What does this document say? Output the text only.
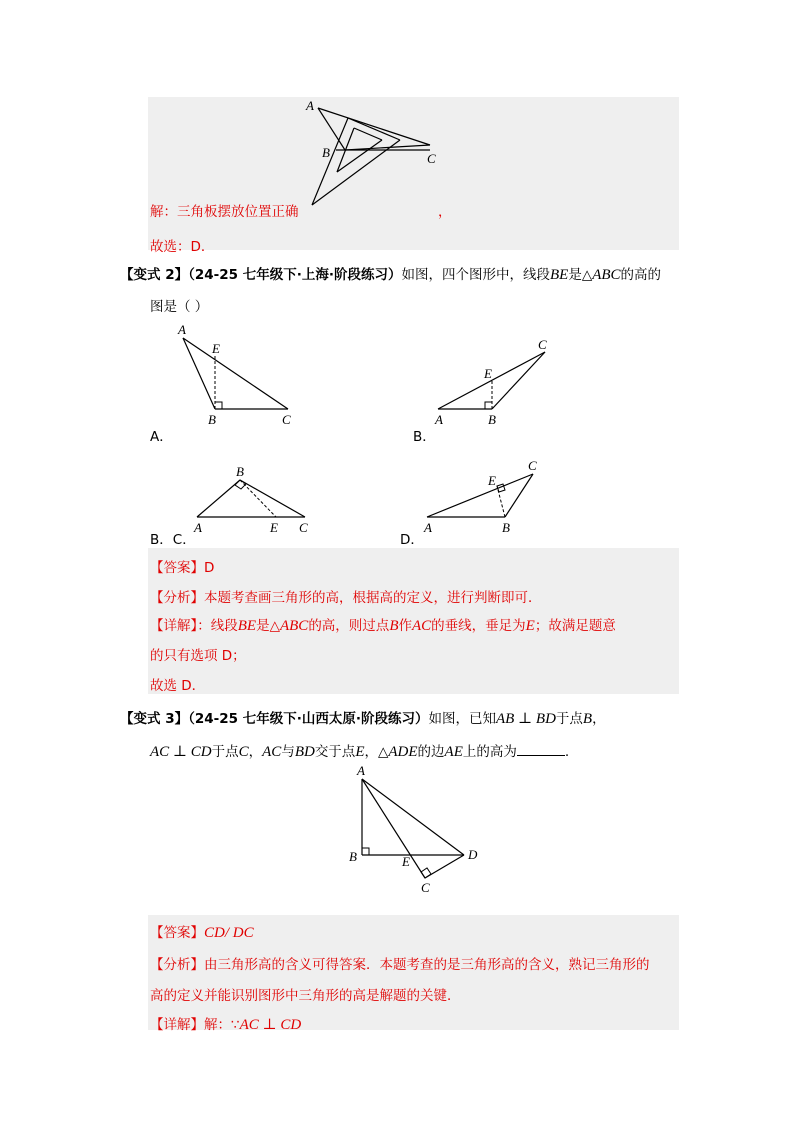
A
B	C
解：三角板摆放位置正确	，
故选：D．
【变式 2】（24-25 七年级下·上海·阶段练习）如图，四个图形中，线段BE是△ABC的高的
图是（ ）
A
E
B	C
C
E
A	B
B
A	E C
C
E
A	B
A．	B．
B．C．	D．
【答案】D
【分析】本题考查画三角形的高，根据高的定义，进行判断即可．
【详解】：线段BE是△ABC的高，则过点B作AC的垂线，垂足为E；故满足题意
的只有选项 D；
故选 D．
【变式 3】（24-25 七年级下·山西太原·阶段练习）如图，已知AB ⊥ BD于点B，
AC ⊥ CD于点C，AC与BD交于点E，△ADE的边AE上的高为	.
A
B	E	D
C
【答案】CD/ DC
【分析】由三角形高的含义可得答案．本题考查的是三角形高的含义，熟记三角形的
高的定义并能识别图形中三角形的高是解题的关键．
【详解】解：∵AC ⊥ CD
